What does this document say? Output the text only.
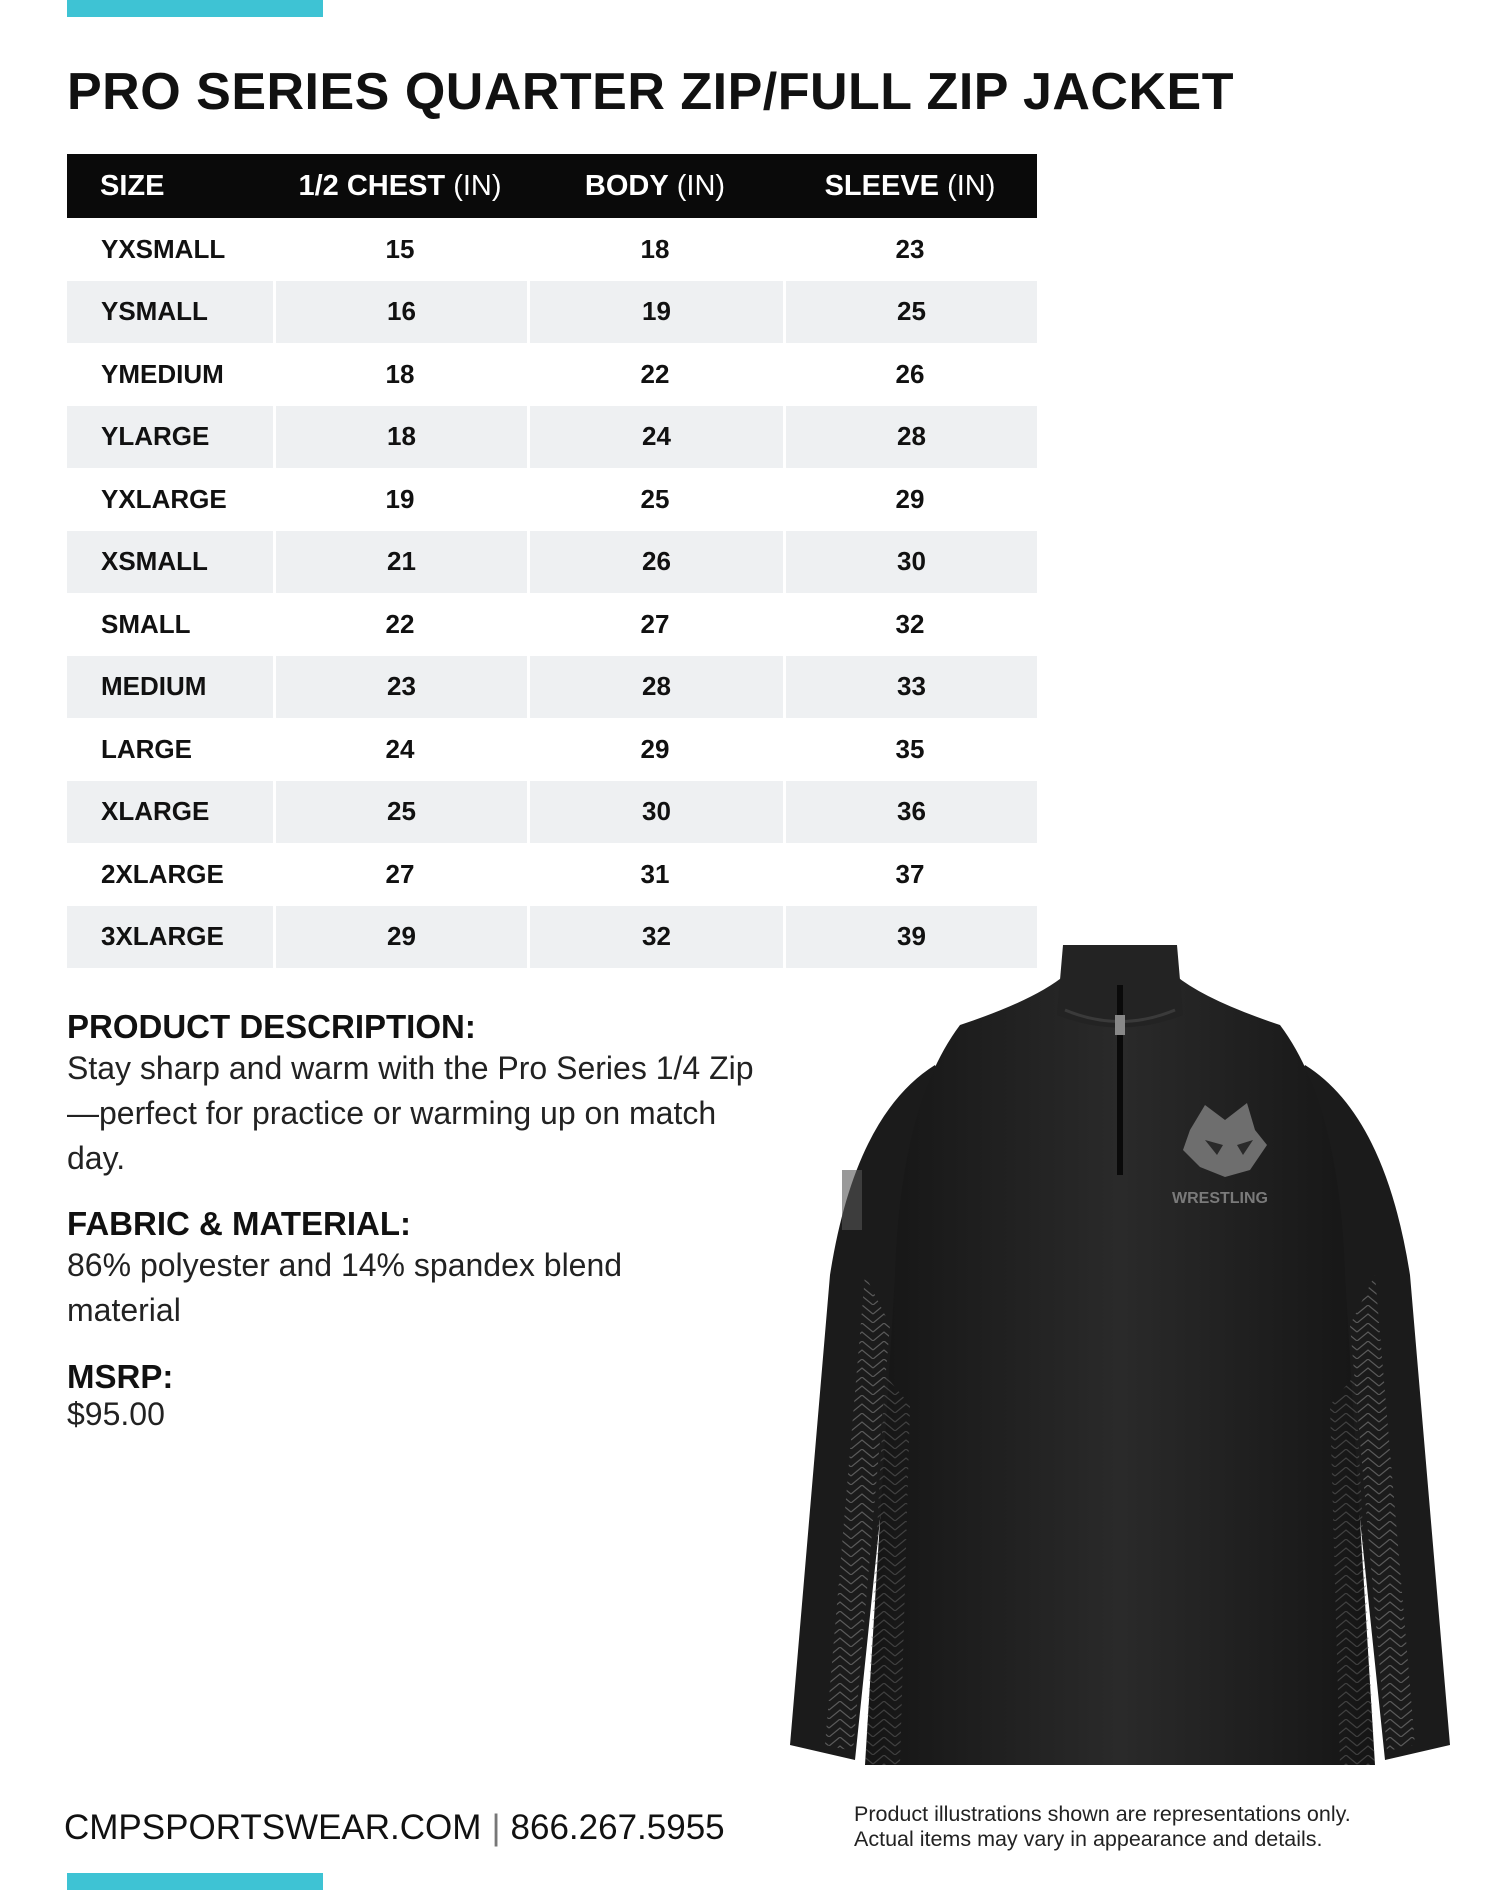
PRO SERIES QUARTER ZIP/FULL ZIP JACKET
SIZE	1/2 CHEST (IN)	BODY (IN)	SLEEVE (IN)
YXSMALL	15	18	23
YSMALL	16	19	25
YMEDIUM	18	22	26
YLARGE	18	24	28
YXLARGE	19	25	29
XSMALL	21	26	30
SMALL	22	27	32
MEDIUM	23	28	33
LARGE	24	29	35
XLARGE	25	30	36
2XLARGE	27	31	37
3XLARGE	29	32	39
PRODUCT DESCRIPTION:

Stay sharp and warm with the Pro Series 1/4 Zip—perfect for practice or warming up on match day.

FABRIC & MATERIAL:

86% polyester and 14% spandex blend material

MSRP:

$95.00

WRESTLING
CMPSPORTSWEAR.COM | 866.267.5955	Product illustrations shown are representations only.
Actual items may vary in appearance and details.
